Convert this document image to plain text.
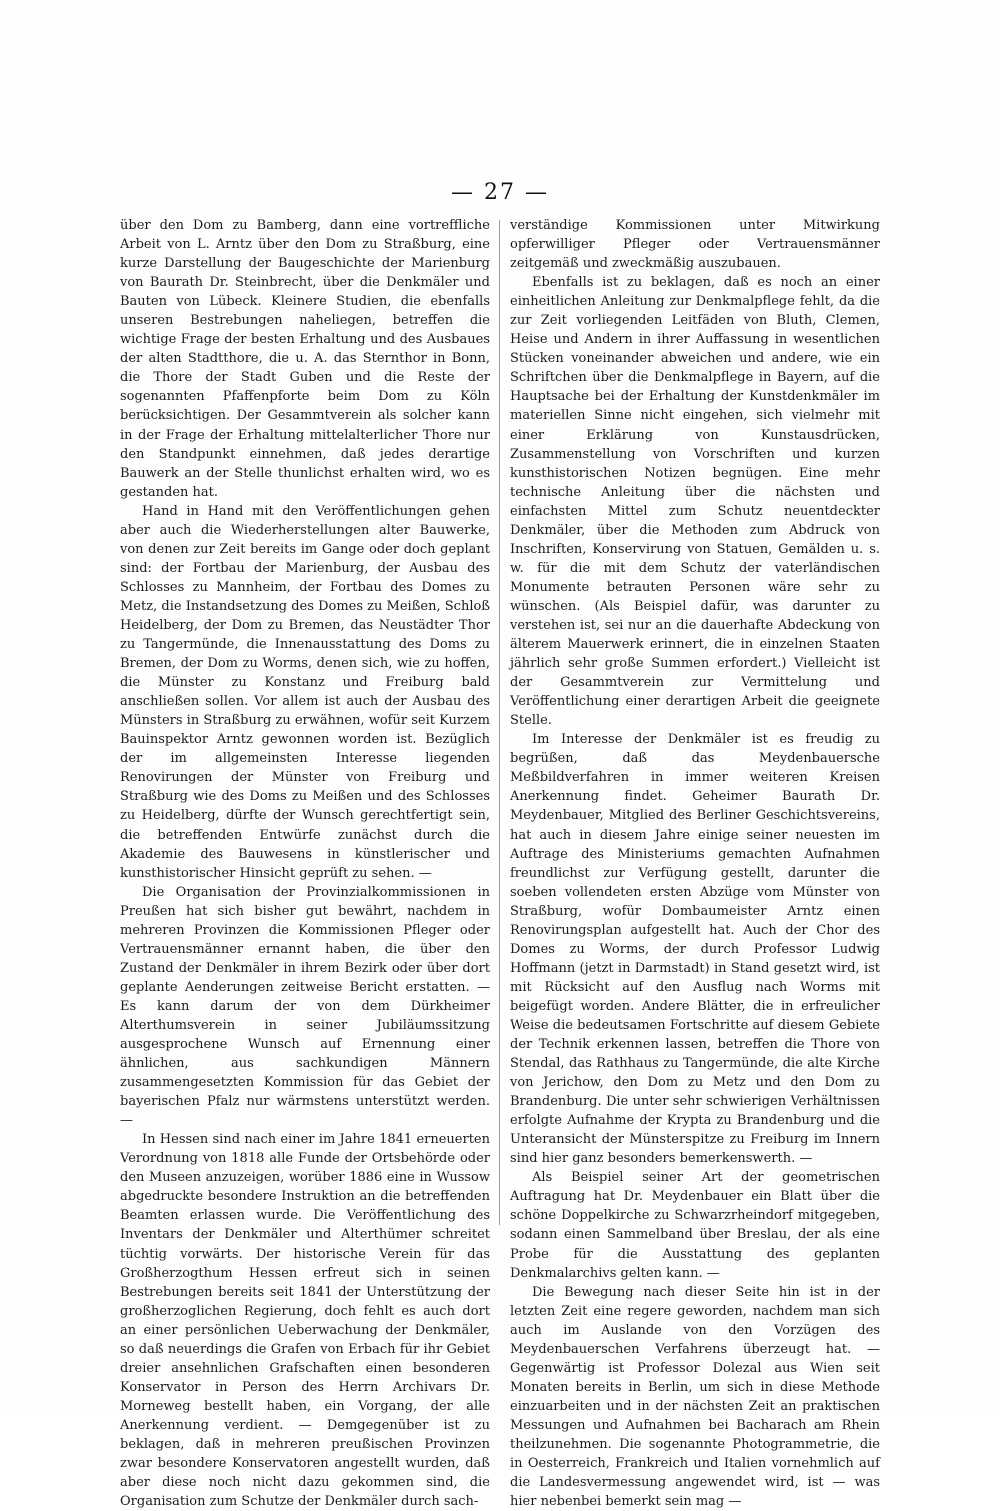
— 27 —

über den Dom zu Bamberg, dann eine vortreffliche Arbeit von L. Arntz über den Dom zu Straßburg, eine kurze Darstellung der Baugeschichte der Marienburg von Baurath Dr. Steinbrecht, über die Denkmäler und Bauten von Lübeck. Kleinere Studien, die ebenfalls unseren Bestrebungen naheliegen, betreffen die wichtige Frage der besten Erhaltung und des Ausbaues der alten Stadtthore, die u. A. das Sternthor in Bonn, die Thore der Stadt Guben und die Reste der sogenannten Pfaffenpforte beim Dom zu Köln berücksichtigen. Der Gesammtverein als solcher kann in der Frage der Erhaltung mittelalterlicher Thore nur den Standpunkt einnehmen, daß jedes derartige Bauwerk an der Stelle thunlichst erhalten wird, wo es gestanden hat.

Hand in Hand mit den Veröffentlichungen gehen aber auch die Wiederherstellungen alter Bauwerke, von denen zur Zeit bereits im Gange oder doch geplant sind: der Fortbau der Marienburg, der Ausbau des Schlosses zu Mannheim, der Fortbau des Domes zu Metz, die Instandsetzung des Domes zu Meißen, Schloß Heidelberg, der Dom zu Bremen, das Neustädter Thor zu Tangermünde, die Innenausstattung des Doms zu Bremen, der Dom zu Worms, denen sich, wie zu hoffen, die Münster zu Konstanz und Freiburg bald anschließen sollen. Vor allem ist auch der Ausbau des Münsters in Straßburg zu erwähnen, wofür seit Kurzem Bauinspektor Arntz gewonnen worden ist. Bezüglich der im allgemeinsten Interesse liegenden Renovirungen der Münster von Freiburg und Straßburg wie des Doms zu Meißen und des Schlosses zu Heidelberg, dürfte der Wunsch gerechtfertigt sein, die betreffenden Entwürfe zunächst durch die Akademie des Bauwesens in künstlerischer und kunsthistorischer Hinsicht geprüft zu sehen. —

Die Organisation der Provinzialkommissionen in Preußen hat sich bisher gut bewährt, nachdem in mehreren Provinzen die Kommissionen Pfleger oder Vertrauensmänner ernannt haben, die über den Zustand der Denkmäler in ihrem Bezirk oder über dort geplante Aenderungen zeitweise Bericht erstatten. — Es kann darum der von dem Dürkheimer Alterthumsverein in seiner Jubiläumssitzung ausgesprochene Wunsch auf Ernennung einer ähnlichen, aus sachkundigen Männern zusammengesetzten Kommission für das Gebiet der bayerischen Pfalz nur wärmstens unterstützt werden. —

In Hessen sind nach einer im Jahre 1841 erneuerten Verordnung von 1818 alle Funde der Ortsbehörde oder den Museen anzuzeigen, worüber 1886 eine in Wussow abgedruckte besondere Instruktion an die betreffenden Beamten erlassen wurde. Die Veröffentlichung des Inventars der Denkmäler und Alterthümer schreitet tüchtig vorwärts. Der historische Verein für das Großherzogthum Hessen erfreut sich in seinen Bestrebungen bereits seit 1841 der Unterstützung der großherzoglichen Regierung, doch fehlt es auch dort an einer persönlichen Ueberwachung der Denkmäler, so daß neuerdings die Grafen von Erbach für ihr Gebiet dreier ansehnlichen Grafschaften einen besonderen Konservator in Person des Herrn Archivars Dr. Morneweg bestellt haben, ein Vorgang, der alle Anerkennung verdient. — Demgegenüber ist zu beklagen, daß in mehreren preußischen Provinzen zwar besondere Konservatoren angestellt wurden, daß aber diese noch nicht dazu gekommen sind, die Organisation zum Schutze der Denkmäler durch sach-

verständige Kommissionen unter Mitwirkung opferwilliger Pfleger oder Vertrauensmänner zeitgemäß und zweckmäßig auszubauen.

Ebenfalls ist zu beklagen, daß es noch an einer einheitlichen Anleitung zur Denkmalpflege fehlt, da die zur Zeit vorliegenden Leitfäden von Bluth, Clemen, Heise und Andern in ihrer Auffassung in wesentlichen Stücken voneinander abweichen und andere, wie ein Schriftchen über die Denkmalpflege in Bayern, auf die Hauptsache bei der Erhaltung der Kunstdenkmäler im materiellen Sinne nicht eingehen, sich vielmehr mit einer Erklärung von Kunstausdrücken, Zusammenstellung von Vorschriften und kurzen kunsthistorischen Notizen begnügen. Eine mehr technische Anleitung über die nächsten und einfachsten Mittel zum Schutz neuentdeckter Denkmäler, über die Methoden zum Abdruck von Inschriften, Konservirung von Statuen, Gemälden u. s. w. für die mit dem Schutz der vaterländischen Monumente betrauten Personen wäre sehr zu wünschen. (Als Beispiel dafür, was darunter zu verstehen ist, sei nur an die dauerhafte Abdeckung von älterem Mauerwerk erinnert, die in einzelnen Staaten jährlich sehr große Summen erfordert.) Vielleicht ist der Gesammtverein zur Vermittelung und Veröffentlichung einer derartigen Arbeit die geeignete Stelle.

Im Interesse der Denkmäler ist es freudig zu begrüßen, daß das Meydenbauersche Meßbildverfahren in immer weiteren Kreisen Anerkennung findet. Geheimer Baurath Dr. Meydenbauer, Mitglied des Berliner Geschichtsvereins, hat auch in diesem Jahre einige seiner neuesten im Auftrage des Ministeriums gemachten Aufnahmen freundlichst zur Verfügung gestellt, darunter die soeben vollendeten ersten Abzüge vom Münster von Straßburg, wofür Dombaumeister Arntz einen Renovirungsplan aufgestellt hat. Auch der Chor des Domes zu Worms, der durch Professor Ludwig Hoffmann (jetzt in Darmstadt) in Stand gesetzt wird, ist mit Rücksicht auf den Ausflug nach Worms mit beigefügt worden. Andere Blätter, die in erfreulicher Weise die bedeutsamen Fortschritte auf diesem Gebiete der Technik erkennen lassen, betreffen die Thore von Stendal, das Rathhaus zu Tangermünde, die alte Kirche von Jerichow, den Dom zu Metz und den Dom zu Brandenburg. Die unter sehr schwierigen Verhältnissen erfolgte Aufnahme der Krypta zu Brandenburg und die Unteransicht der Münsterspitze zu Freiburg im Innern sind hier ganz besonders bemerkenswerth. —

Als Beispiel seiner Art der geometrischen Auftragung hat Dr. Meydenbauer ein Blatt über die schöne Doppelkirche zu Schwarzrheindorf mitgegeben, sodann einen Sammelband über Breslau, der als eine Probe für die Ausstattung des geplanten Denkmalarchivs gelten kann. —

Die Bewegung nach dieser Seite hin ist in der letzten Zeit eine regere geworden, nachdem man sich auch im Auslande von den Vorzügen des Meydenbauerschen Verfahrens überzeugt hat. — Gegenwärtig ist Professor Dolezal aus Wien seit Monaten bereits in Berlin, um sich in diese Methode einzuarbeiten und in der nächsten Zeit an praktischen Messungen und Aufnahmen bei Bacharach am Rhein theilzunehmen. Die sogenannte Photogrammetrie, die in Oesterreich, Frankreich und Italien vornehmlich auf die Landesvermessung angewendet wird, ist — was hier nebenbei bemerkt sein mag —
